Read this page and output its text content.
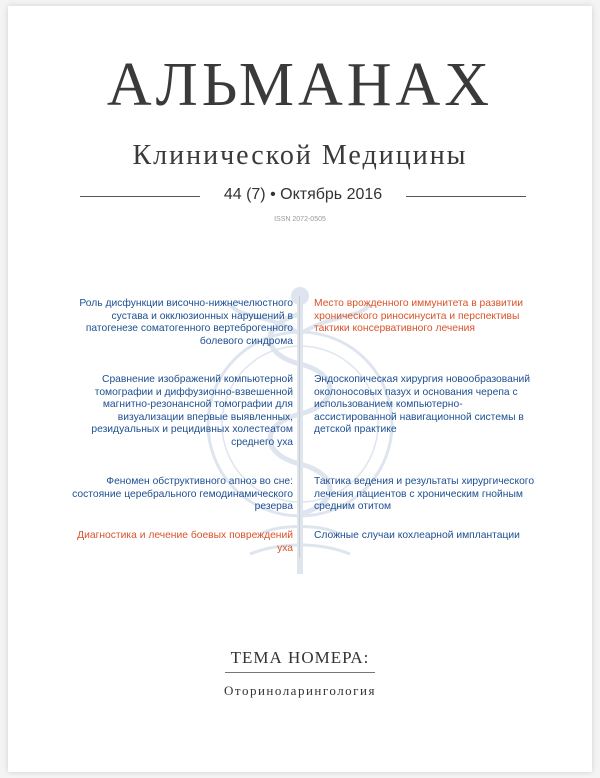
АЛЬМАНАХ
Клинической Медицины
44 (7) • Октябрь 2016
ISSN 2072-0505
Роль дисфункции височно-нижнечелюстного сустава и окклюзионных нарушений в патогенезе соматогенного вертеброгенного болевого синдрома
Сравнение изображений компьютерной томографии и диффузионно-взвешенной магнитно-резонансной томографии для визуализации впервые выявленных, резидуальных и рецидивных холестеатом среднего уха
Феномен обструктивного апноэ во сне: состояние церебрального гемодинамического резерва
Диагностика и лечение боевых повреждений уха
Место врожденного иммунитета в развитии хронического риносинусита и перспективы тактики консервативного лечения
Эндоскопическая хирургия новообразований околоносовых пазух и основания черепа с использованием компьютерно-ассистированной навигационной системы в детской практике
Тактика ведения и результаты хирургического лечения пациентов с хроническим гнойным средним отитом
Сложные случаи кохлеарной имплантации
ТЕМА НОМЕРА:
Оториноларингология
